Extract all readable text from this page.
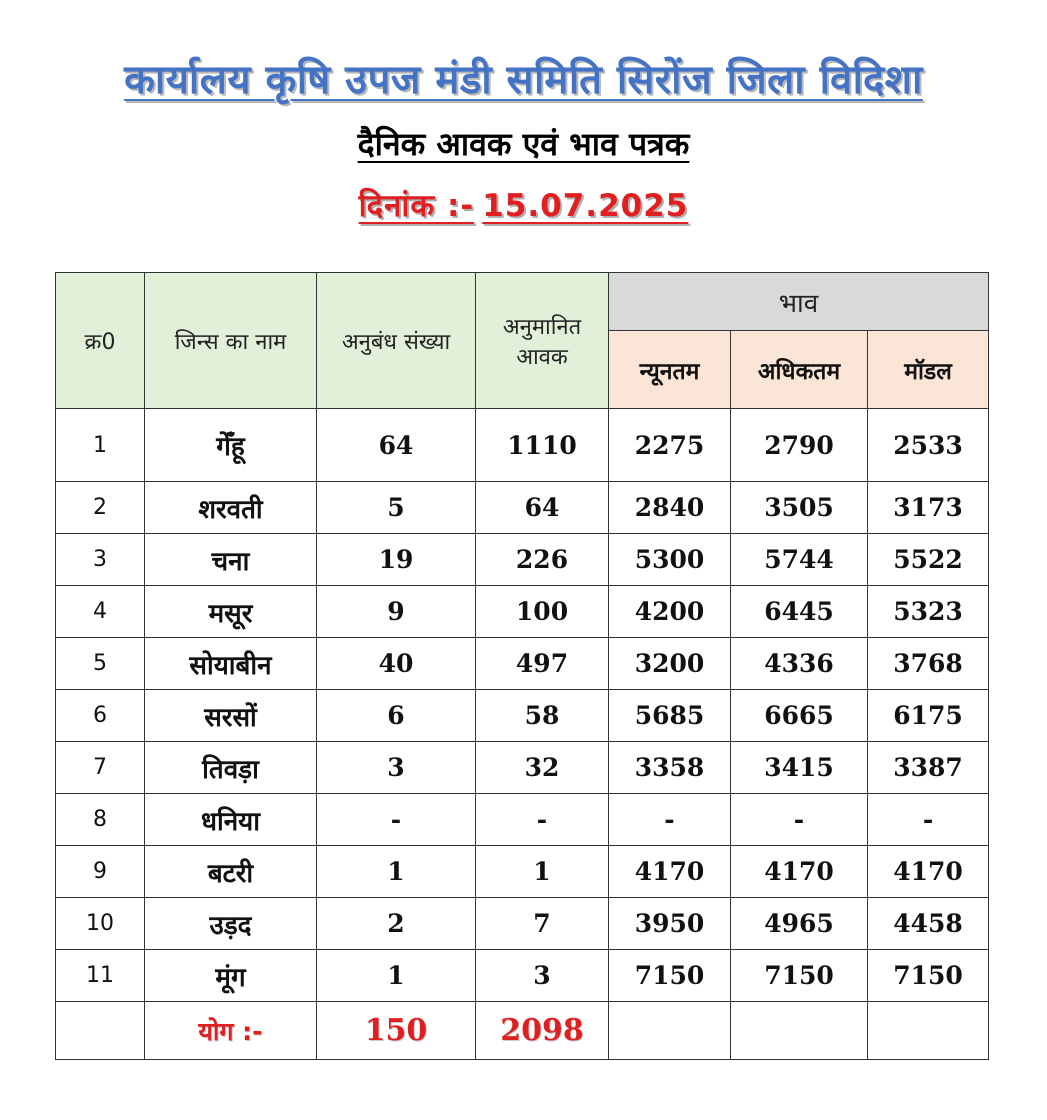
कार्यालय कृषि उपज मंडी समिति सिरोंज जिला विदिशा
दैनिक आवक एवं भाव पत्रक
दिनांक :- 15.07.2025
क्र0	जिन्स का नाम	अनुबंध संख्या	अनुमानित आवक	भाव		
				न्यूनतम	अधिकतम	मॉडल
1	गेँहू	64	1110	2275	2790	2533
2	शरवती	5	64	2840	3505	3173
3	चना	19	226	5300	5744	5522
4	मसूर	9	100	4200	6445	5323
5	सोयाबीन	40	497	3200	4336	3768
6	सरसों	6	58	5685	6665	6175
7	तिवड़ा	3	32	3358	3415	3387
8	धनिया	-	-	-	-	-
9	बटरी	1	1	4170	4170	4170
10	उड़द	2	7	3950	4965	4458
11	मूंग	1	3	7150	7150	7150
	योग :-	150	2098			
